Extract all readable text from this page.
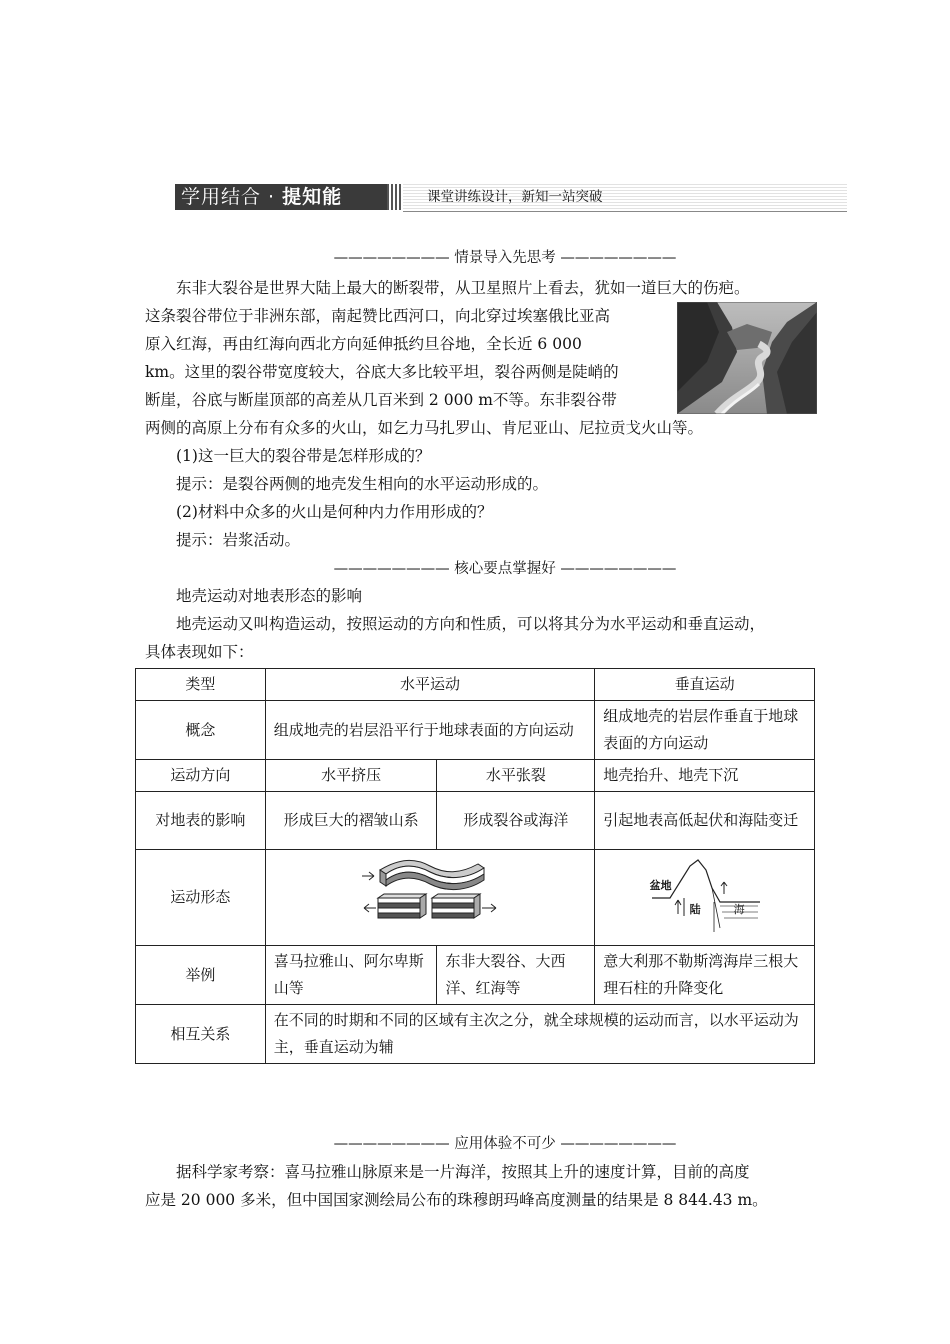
学用结合 · 提知能	课堂讲练设计，新知一站突破
———————— 情景导入先思考 ————————
东非大裂谷是世界大陆上最大的断裂带，从卫星照片上看去，犹如一道巨大的伤疤。
这条裂谷带位于非洲东部，南起赞比西河口，向北穿过埃塞俄比亚高
原入红海，再由红海向西北方向延伸抵约旦谷地，全长近 6 000
km。这里的裂谷带宽度较大，谷底大多比较平坦，裂谷两侧是陡峭的
断崖，谷底与断崖顶部的高差从几百米到 2 000 m不等。东非裂谷带
两侧的高原上分布有众多的火山，如乞力马扎罗山、肯尼亚山、尼拉贡戈火山等。
(1)这一巨大的裂谷带是怎样形成的？
提示：是裂谷两侧的地壳发生相向的水平运动形成的。
(2)材料中众多的火山是何种内力作用形成的？
提示：岩浆活动。
———————— 核心要点掌握好 ————————
地壳运动对地表形态的影响
地壳运动又叫构造运动，按照运动的方向和性质，可以将其分为水平运动和垂直运动，
具体表现如下：
类型	水平运动		垂直运动
概念	组成地壳的岩层沿平行于地球表面的方向运动		组成地壳的岩层作垂直于地球表面的方向运动
运动方向	水平挤压	水平张裂	地壳抬升、地壳下沉
对地表的影响	形成巨大的褶皱山系	形成裂谷或海洋	引起地表高低起伏和海陆变迁
运动形态			盆地
陆 海

举例	喜马拉雅山、阿尔卑斯山等	东非大裂谷、大西洋、红海等	意大利那不勒斯湾海岸三根大理石柱的升降变化
相互关系	在不同的时期和不同的区域有主次之分，就全球规模的运动而言，以水平运动为主，垂直运动为辅		
———————— 应用体验不可少 ————————
据科学家考察：喜马拉雅山脉原来是一片海洋，按照其上升的速度计算，目前的高度
应是 20 000 多米，但中国国家测绘局公布的珠穆朗玛峰高度测量的结果是 8 844.43 m。
